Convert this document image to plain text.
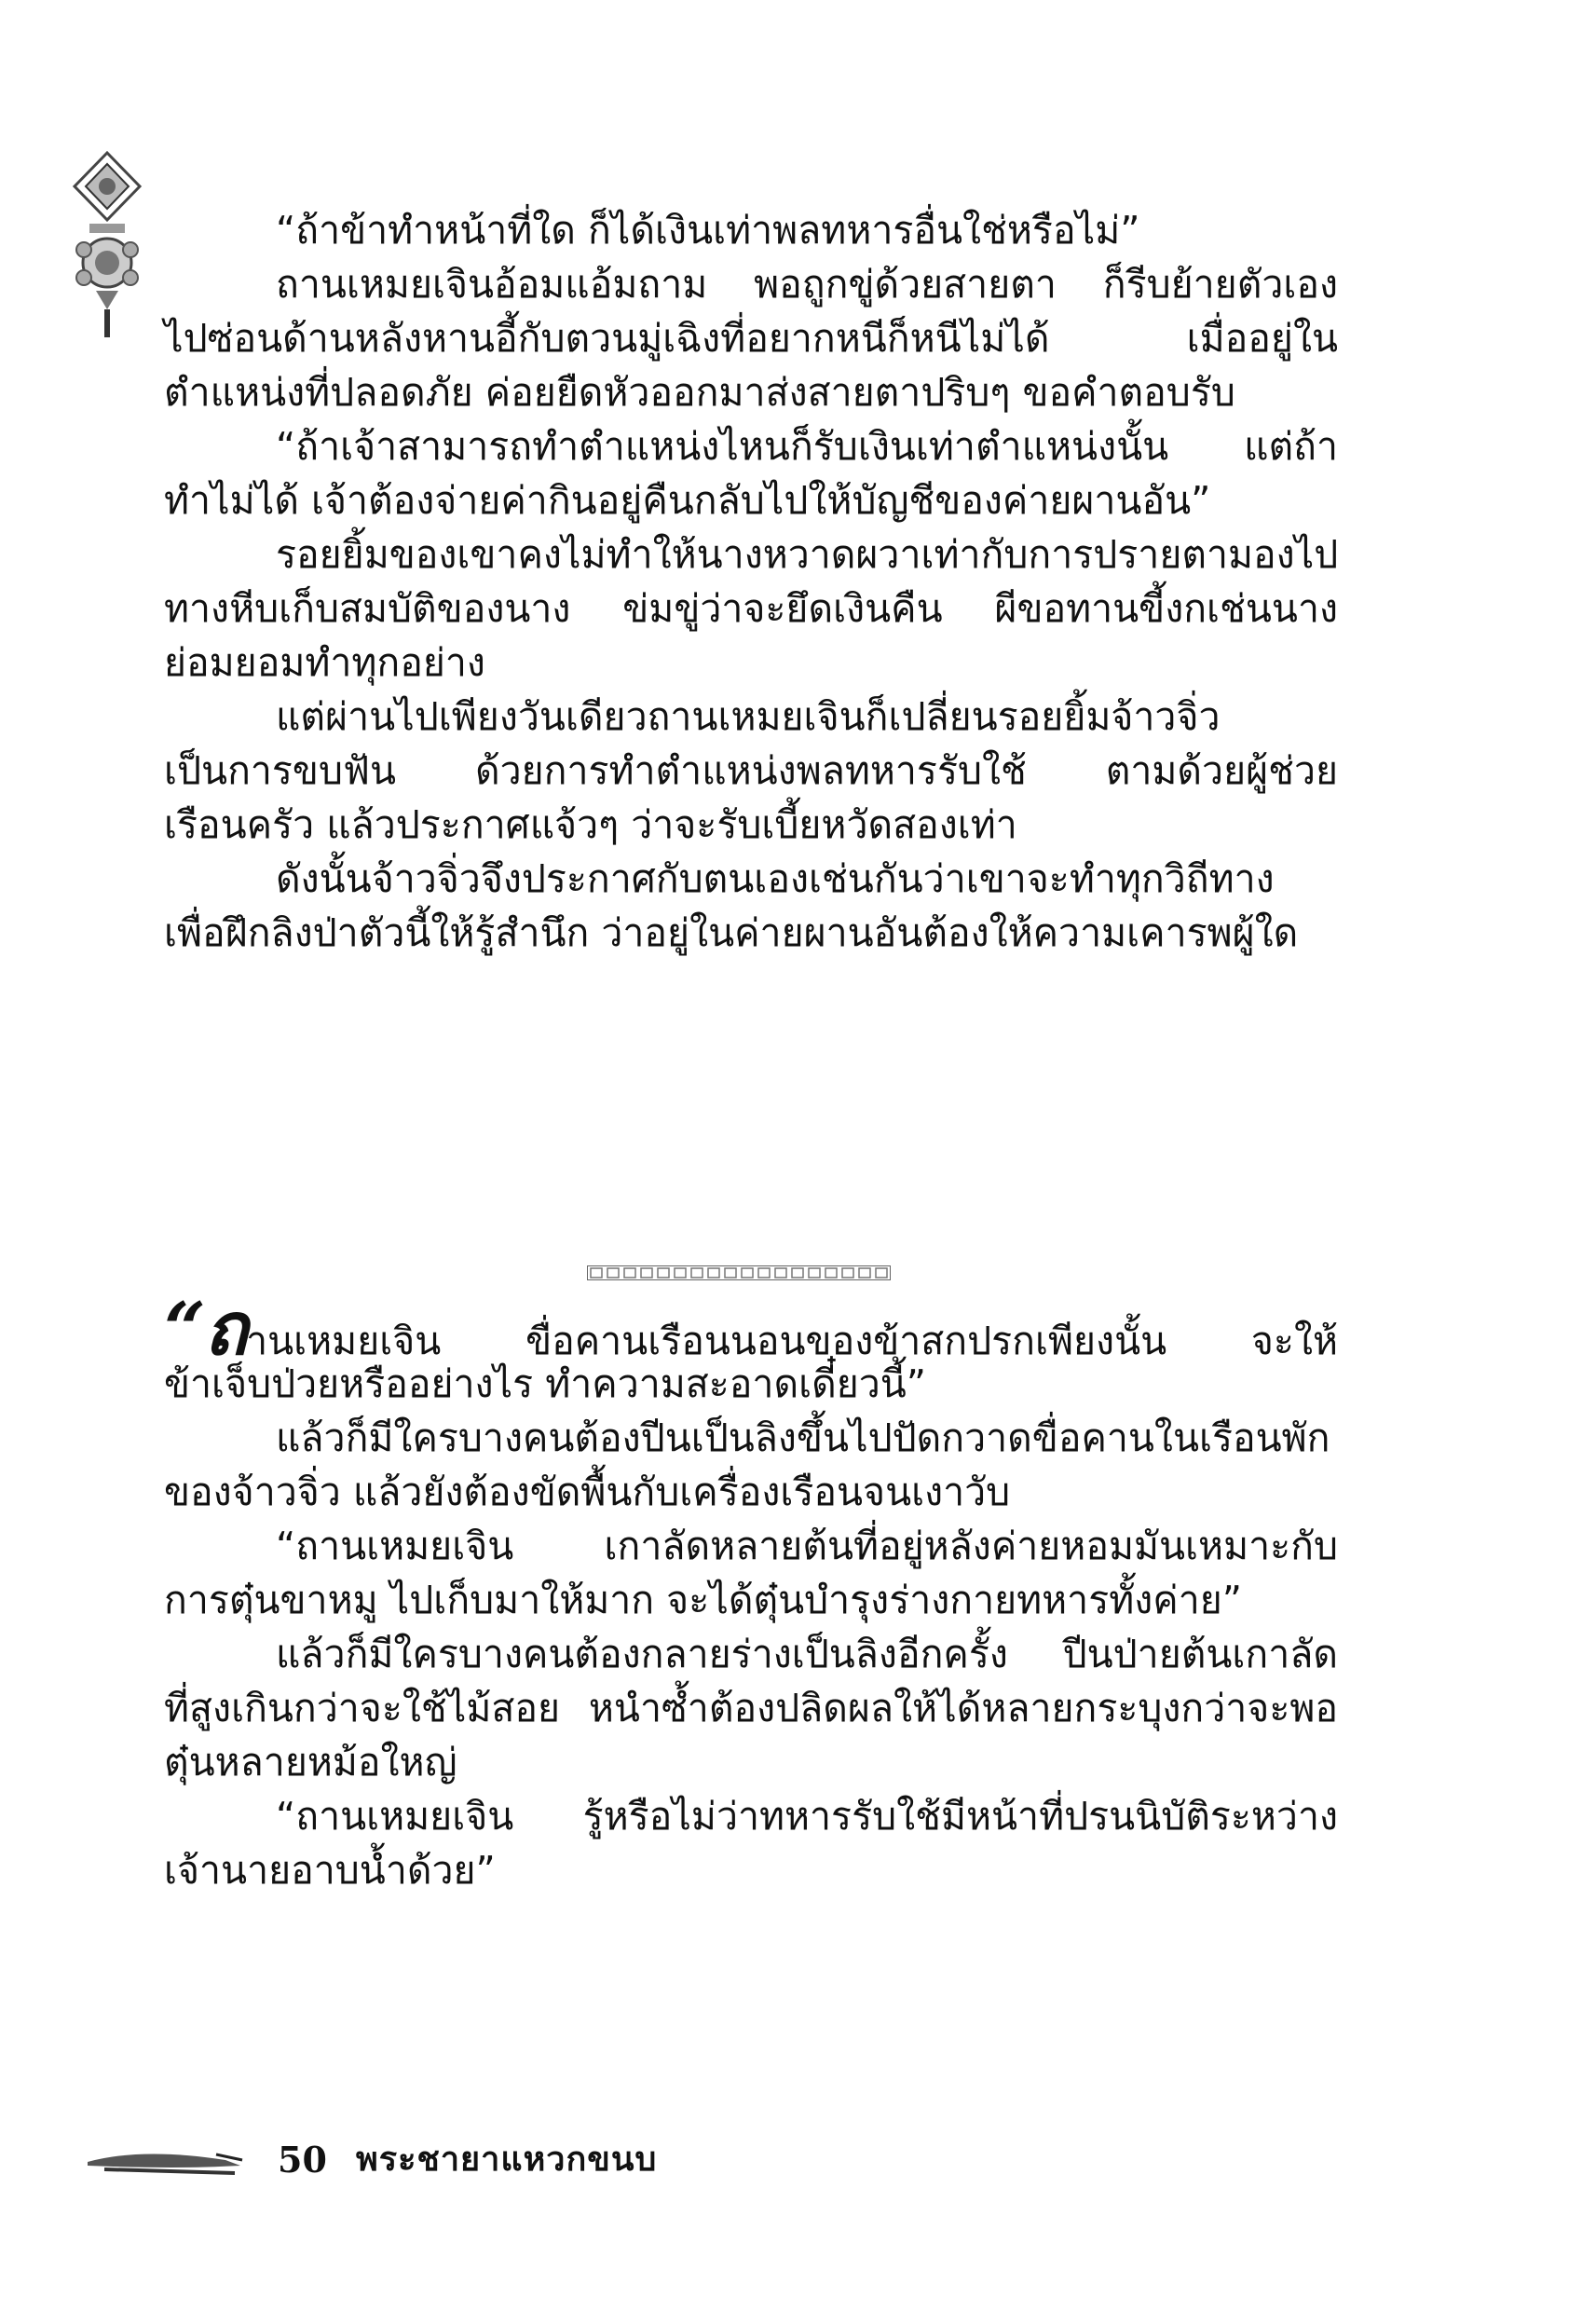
“ถ้าข้าทำหน้าที่ใด ก็ได้เงินเท่าพลทหารอื่นใช่หรือไม่”
ถานเหมยเจินอ้อมแอ้มถาม พอถูกขู่ด้วยสายตา ก็รีบย้ายตัวเอง
ไปซ่อนด้านหลังหานอี้กับตวนมู่เฉิงที่อยากหนีก็หนีไม่ได้ เมื่ออยู่ใน
ตำแหน่งที่ปลอดภัย ค่อยยืดหัวออกมาส่งสายตาปริบๆ ขอคำตอบรับ
“ถ้าเจ้าสามารถทำตำแหน่งไหนก็รับเงินเท่าตำแหน่งนั้น แต่ถ้า
ทำไม่ได้ เจ้าต้องจ่ายค่ากินอยู่คืนกลับไปให้บัญชีของค่ายผานอัน”
รอยยิ้มของเขาคงไม่ทำให้นางหวาดผวาเท่ากับการปรายตามองไป
ทางหีบเก็บสมบัติของนาง ข่มขู่ว่าจะยึดเงินคืน ผีขอทานขี้งกเช่นนาง
ย่อมยอมทำทุกอย่าง
แต่ผ่านไปเพียงวันเดียวถานเหมยเจินก็เปลี่ยนรอยยิ้มจ้าวจิ่ว
เป็นการขบฟัน ด้วยการทำตำแหน่งพลทหารรับใช้ ตามด้วยผู้ช่วย
เรือนครัว แล้วประกาศแจ้วๆ ว่าจะรับเบี้ยหวัดสองเท่า
ดังนั้นจ้าวจิ่วจึงประกาศกับตนเองเช่นกันว่าเขาจะทำทุกวิถีทาง
เพื่อฝึกลิงป่าตัวนี้ให้รู้สำนึก ว่าอยู่ในค่ายผานอันต้องให้ความเคารพผู้ใด
“ถานเหมยเจิน ขื่อคานเรือนนอนของข้าสกปรกเพียงนั้น จะให้
ข้าเจ็บป่วยหรืออย่างไร ทำความสะอาดเดี๋ยวนี้”
แล้วก็มีใครบางคนต้องปีนเป็นลิงขึ้นไปปัดกวาดขื่อคานในเรือนพัก
ของจ้าวจิ่ว แล้วยังต้องขัดพื้นกับเครื่องเรือนจนเงาวับ
“ถานเหมยเจิน เกาลัดหลายต้นที่อยู่หลังค่ายหอมมันเหมาะกับ
การตุ๋นขาหมู ไปเก็บมาให้มาก จะได้ตุ๋นบำรุงร่างกายทหารทั้งค่าย”
แล้วก็มีใครบางคนต้องกลายร่างเป็นลิงอีกครั้ง ปีนป่ายต้นเกาลัด
ที่สูงเกินกว่าจะใช้ไม้สอย หนำซ้ำต้องปลิดผลให้ได้หลายกระบุงกว่าจะพอ
ตุ๋นหลายหม้อใหญ่
“ถานเหมยเจิน รู้หรือไม่ว่าทหารรับใช้มีหน้าที่ปรนนิบัติระหว่าง
เจ้านายอาบน้ำด้วย”
50 พระชายาแหวกขนบ
